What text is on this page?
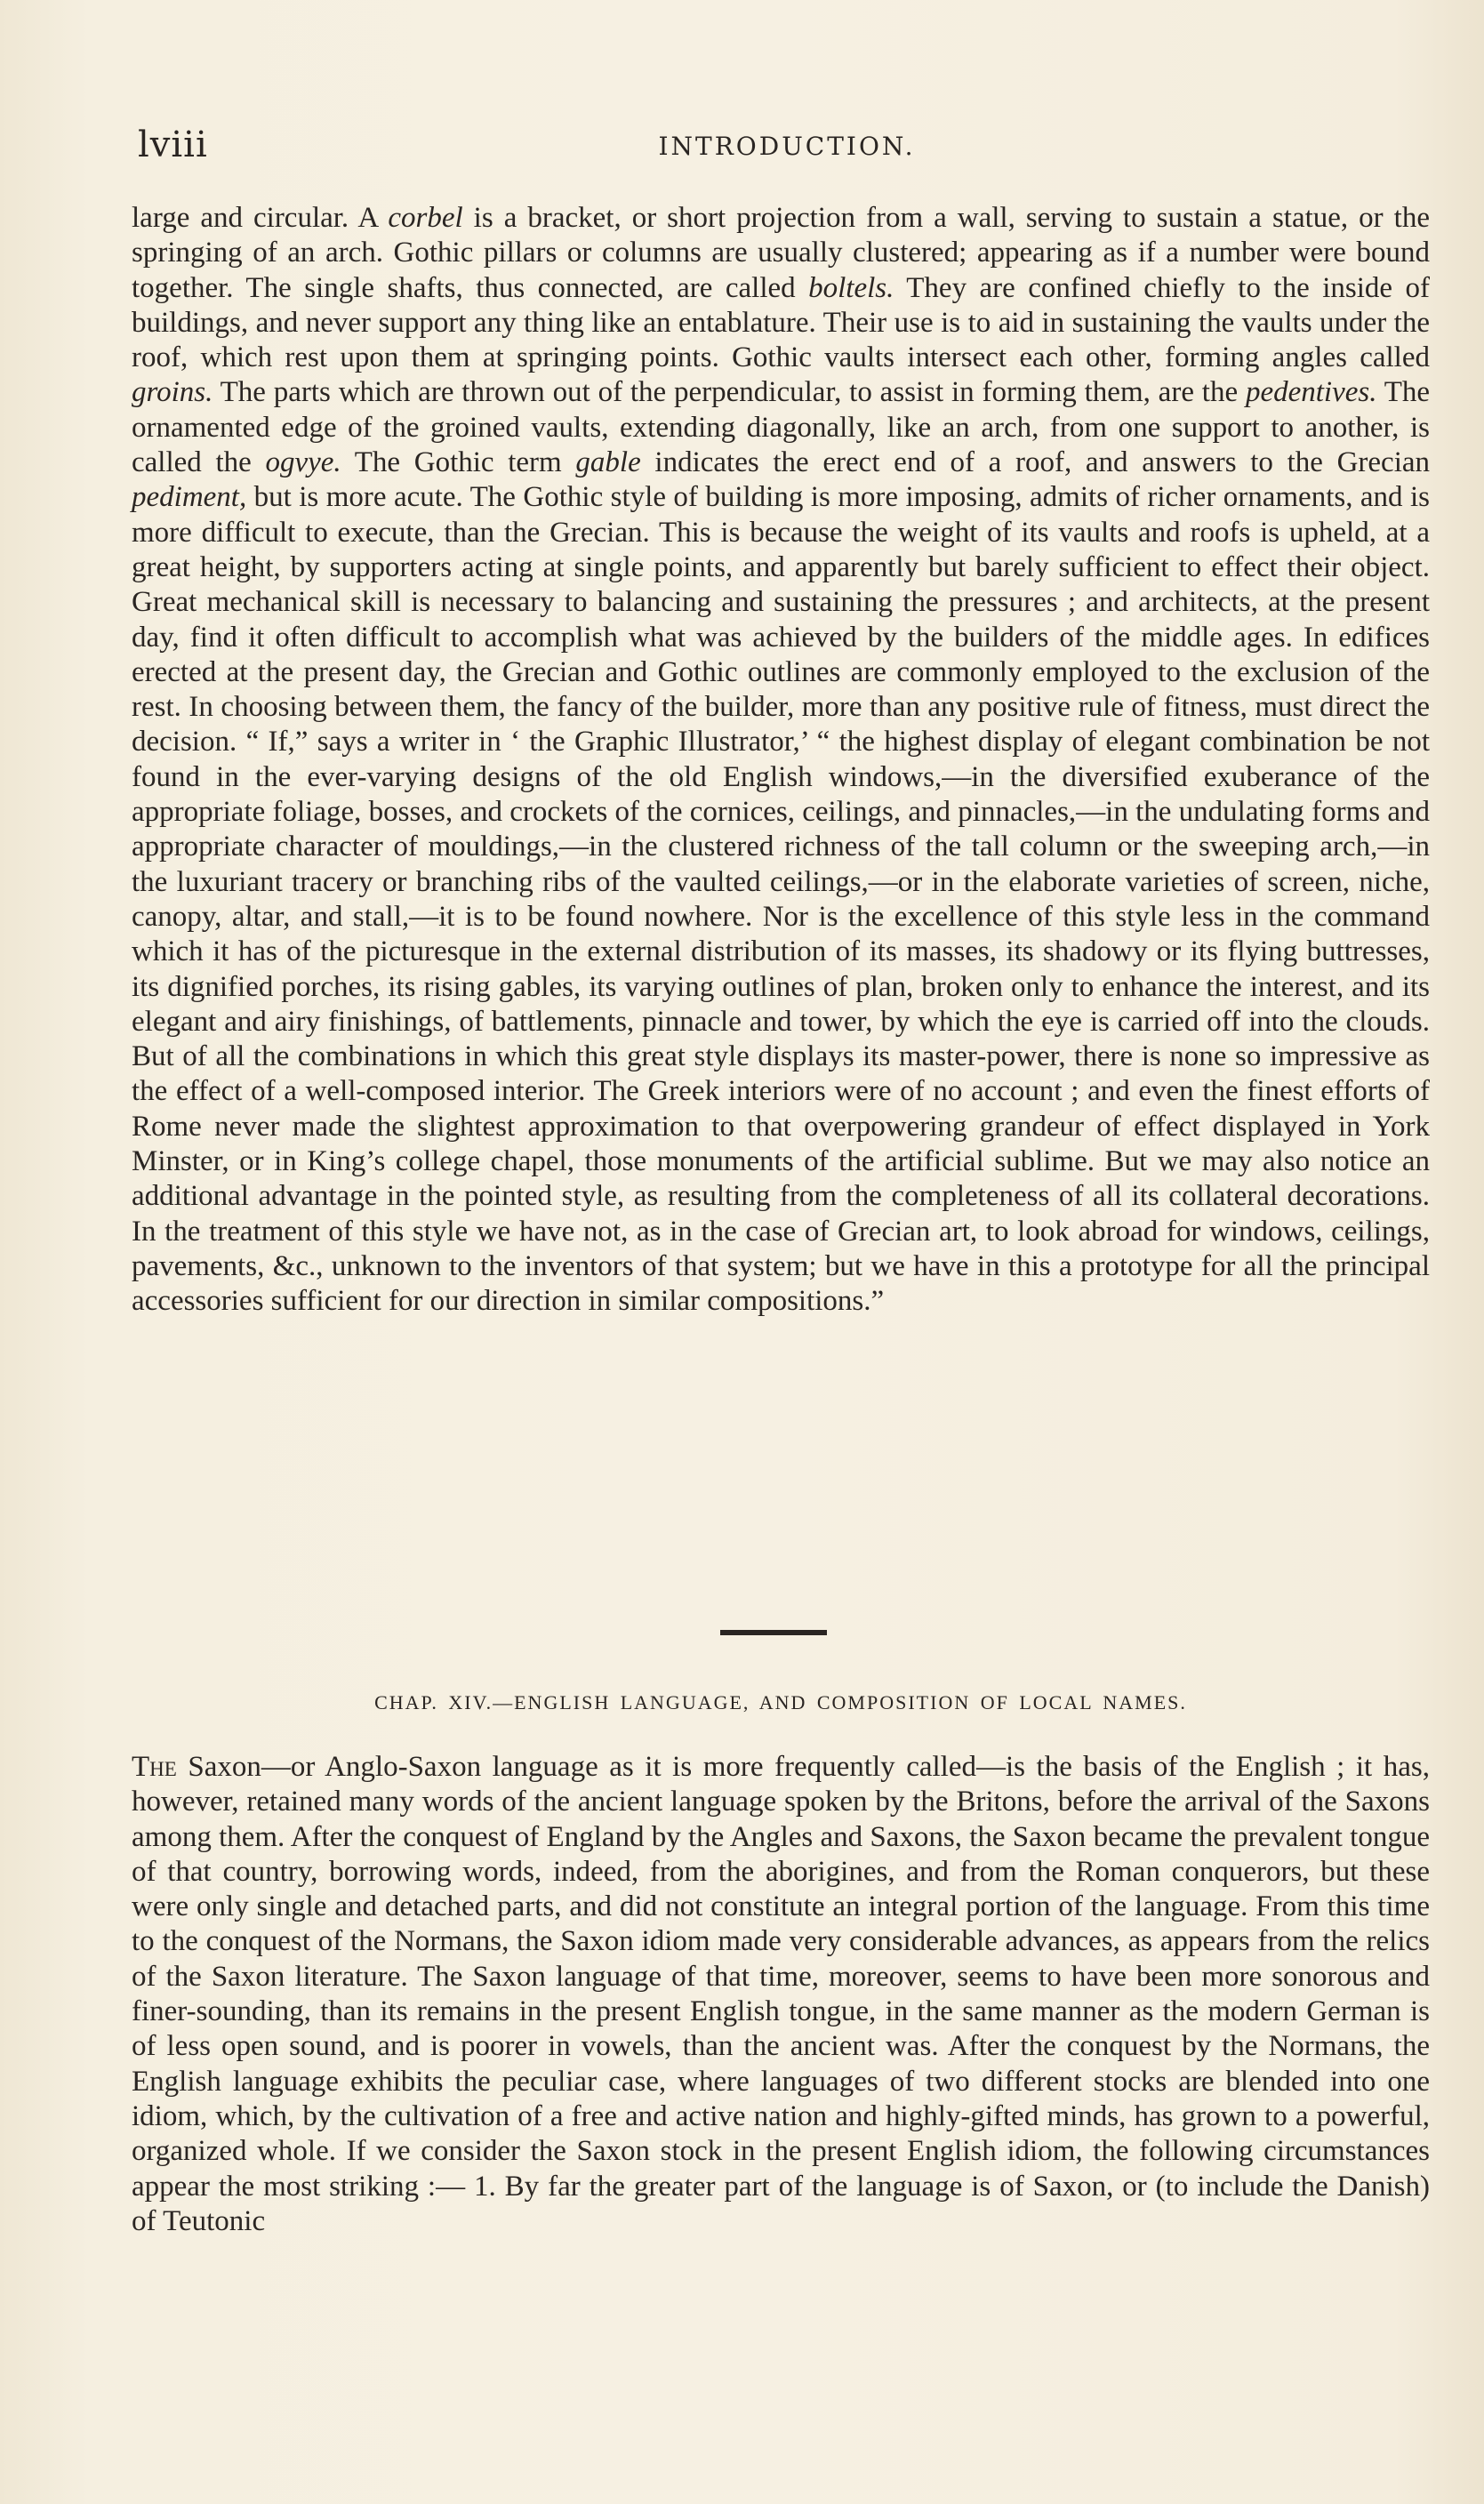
lviii	INTRODUCTION.

large and circular. A corbel is a bracket, or short projection from a wall, serving to sustain a statue, or the springing of an arch. Gothic pillars or columns are usually clustered; appearing as if a number were bound together. The single shafts, thus connected, are called boltels. They are confined chiefly to the inside of buildings, and never support any thing like an entablature. Their use is to aid in sustaining the vaults under the roof, which rest upon them at springing points. Gothic vaults intersect each other, forming angles called groins. The parts which are thrown out of the perpendicular, to assist in forming them, are the pedentives. The ornamented edge of the groined vaults, extending diagonally, like an arch, from one support to another, is called the ogvye. The Gothic term gable indicates the erect end of a roof, and answers to the Grecian pediment, but is more acute. The Gothic style of building is more imposing, admits of richer ornaments, and is more difficult to execute, than the Grecian. This is because the weight of its vaults and roofs is upheld, at a great height, by supporters acting at single points, and apparently but barely sufficient to effect their object. Great mechanical skill is necessary to balancing and sustaining the pressures ; and architects, at the present day, find it often difficult to accomplish what was achieved by the builders of the middle ages. In edifices erected at the present day, the Grecian and Gothic outlines are commonly employed to the exclusion of the rest. In choosing between them, the fancy of the builder, more than any positive rule of fitness, must direct the decision. “ If,” says a writer in ‘ the Graphic Illustrator,’ “ the highest display of elegant combination be not found in the ever-varying designs of the old English windows,—in the diversified exuberance of the appropriate foliage, bosses, and crockets of the cornices, ceilings, and pinnacles,—in the undulating forms and appropriate character of mouldings,—in the clustered richness of the tall column or the sweeping arch,—in the luxuriant tracery or branching ribs of the vaulted ceilings,—or in the elaborate varieties of screen, niche, canopy, altar, and stall,—it is to be found nowhere. Nor is the excellence of this style less in the command which it has of the picturesque in the external distribution of its masses, its shadowy or its flying buttresses, its dignified porches, its rising gables, its varying outlines of plan, broken only to enhance the interest, and its elegant and airy finishings, of battlements, pinnacle and tower, by which the eye is carried off into the clouds. But of all the combinations in which this great style displays its master-power, there is none so impressive as the effect of a well-composed interior. The Greek interiors were of no account ; and even the finest efforts of Rome never made the slightest approximation to that overpowering grandeur of effect displayed in York Minster, or in King’s college chapel, those monuments of the artificial sublime. But we may also notice an additional advantage in the pointed style, as resulting from the completeness of all its collateral decorations. In the treatment of this style we have not, as in the case of Grecian art, to look abroad for windows, ceilings, pavements, &c., unknown to the inventors of that system; but we have in this a prototype for all the principal accessories sufficient for our direction in similar compositions.”

CHAP. XIV.—ENGLISH LANGUAGE, AND COMPOSITION OF LOCAL NAMES.

The Saxon—or Anglo-Saxon language as it is more frequently called—is the basis of the English ; it has, however, retained many words of the ancient language spoken by the Britons, before the arrival of the Saxons among them. After the conquest of England by the Angles and Saxons, the Saxon became the prevalent tongue of that country, borrowing words, indeed, from the aborigines, and from the Roman conquerors, but these were only single and detached parts, and did not constitute an integral portion of the language. From this time to the conquest of the Normans, the Saxon idiom made very considerable advances, as appears from the relics of the Saxon literature. The Saxon language of that time, moreover, seems to have been more sonorous and finer-sounding, than its remains in the present English tongue, in the same manner as the modern German is of less open sound, and is poorer in vowels, than the ancient was. After the conquest by the Normans, the English language exhibits the peculiar case, where languages of two different stocks are blended into one idiom, which, by the cultivation of a free and active nation and highly-gifted minds, has grown to a powerful, organized whole. If we consider the Saxon stock in the present English idiom, the following circumstances appear the most striking :— 1. By far the greater part of the language is of Saxon, or (to include the Danish) of Teutonic
